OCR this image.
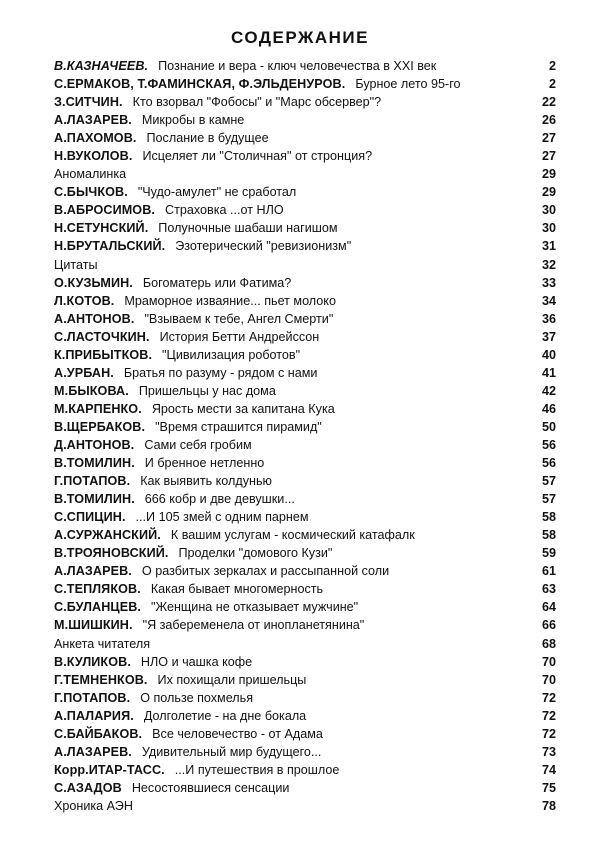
СОДЕРЖАНИЕ
В.КАЗНАЧЕЕВ. Познание и вера - ключ человечества в XXI век	2
С.ЕРМАКОВ, Т.ФАМИНСКАЯ, Ф.ЭЛЬДЕНУРОВ. Бурное лето 95-го	2
З.СИТЧИН. Кто взорвал "Фобосы" и "Марс обсервер"?	22
А.ЛАЗАРЕВ. Микробы в камне	26
А.ПАХОМОВ. Послание в будущее	27
Н.ВУКОЛОВ. Исцеляет ли "Столичная" от стронция?	27
Аномалинка	29
С.БЫЧКОВ. "Чудо-амулет" не сработал	29
В.АБРОСИМОВ. Страховка ...от НЛО	30
Н.СЕТУНСКИЙ. Полуночные шабаши нагишом	30
Н.БРУТАЛЬСКИЙ. Эзотерический "ревизионизм"	31
Цитаты	32
О.КУЗЬМИН. Богоматерь или Фатима?	33
Л.КОТОВ. Мраморное изваяние... пьет молоко	34
А.АНТОНОВ. "Взываем к тебе, Ангел Смерти"	36
С.ЛАСТОЧКИН. История Бетти Андрейссон	37
К.ПРИБЫТКОВ. "Цивилизация роботов"	40
А.УРБАН. Братья по разуму - рядом с нами	41
М.БЫКОВА. Пришельцы у нас дома	42
М.КАРПЕНКО. Ярость мести за капитана Кука	46
В.ЩЕРБАКОВ. "Время страшится пирамид"	50
Д.АНТОНОВ. Сами себя гробим	56
В.ТОМИЛИН. И бренное нетленно	56
Г.ПОТАПОВ. Как выявить колдунью	57
В.ТОМИЛИН. 666 кобр и две девушки...	57
С.СПИЦИН. ...И 105 змей с одним парнем	58
А.СУРЖАНСКИЙ. К вашим услугам - космический катафалк	58
В.ТРОЯНОВСКИЙ. Проделки "домового Кузи"	59
А.ЛАЗАРЕВ. О разбитых зеркалах и рассыпанной соли	61
С.ТЕПЛЯКОВ. Какая бывает многомерность	63
С.БУЛАНЦЕВ. "Женщина не отказывает мужчине"	64
М.ШИШКИН. "Я забеременела от инопланетянина"	66
Анкета читателя	68
В.КУЛИКОВ. НЛО и чашка кофе	70
Г.ТЕМНЕНКОВ. Их похищали пришельцы	70
Г.ПОТАПОВ. О пользе похмелья	72
А.ПАЛАРИЯ. Долголетие - на дне бокала	72
С.БАЙБАКОВ. Все человечество - от Адама	72
А.ЛАЗАРЕВ. Удивительный мир будущего...	73
Корр.ИТАР-ТАСС. ...И путешествия в прошлое	74
С.АЗАДОВ Несостоявшиеся сенсации	75
Хроника АЭН	78
